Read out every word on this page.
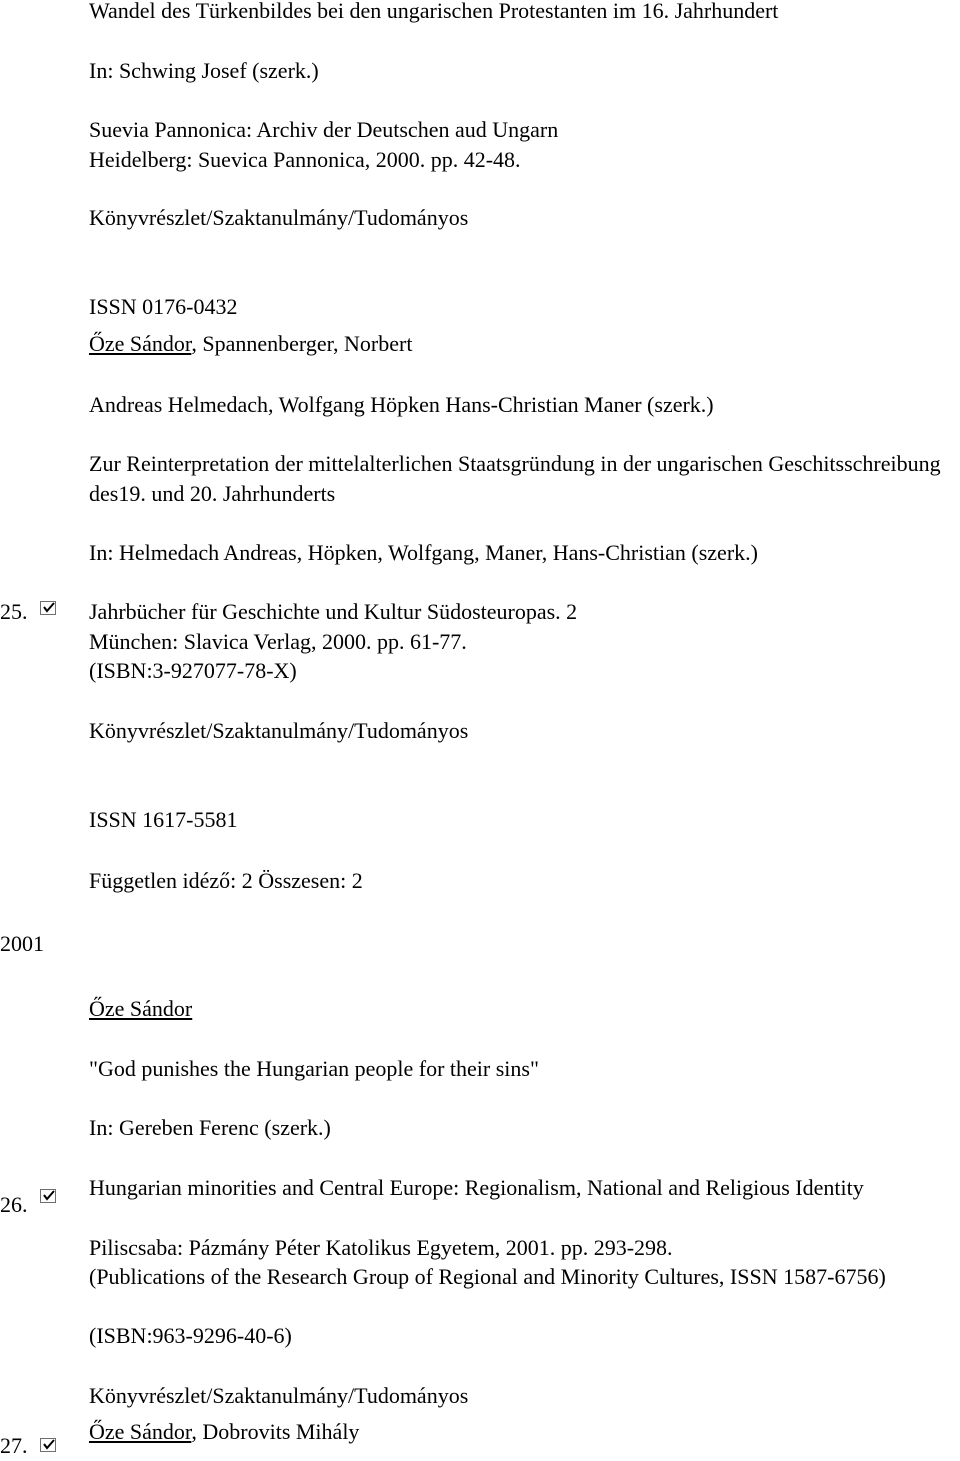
Wandel des Türkenbildes bei den ungarischen Protestanten im 16. Jahrhundert
In: Schwing Josef (szerk.)
Suevia Pannonica: Archiv der Deutschen aud Ungarn
Heidelberg: Suevica Pannonica, 2000. pp. 42-48.
Könyvrészlet/Szaktanulmány/Tudományos
ISSN 0176-0432
Őze Sándor, Spannenberger, Norbert
Andreas Helmedach, Wolfgang Höpken Hans-Christian Maner (szerk.)
Zur Reinterpretation der mittelalterlichen Staatsgründung in der ungarischen Geschitsschreibung des19. und 20. Jahrhunderts
In: Helmedach Andreas, Höpken, Wolfgang, Maner, Hans-Christian (szerk.)
25.	Jahrbücher für Geschichte und Kultur Südosteuropas. 2
München: Slavica Verlag, 2000. pp. 61-77.
(ISBN:3-927077-78-X)
Könyvrészlet/Szaktanulmány/Tudományos
ISSN 1617-5581
Független idéző: 2 Összesen: 2
2001
Őze Sándor
"God punishes the Hungarian people for their sins"
In: Gereben Ferenc (szerk.)
26.
Hungarian minorities and Central Europe: Regionalism, National and Religious Identity
Piliscsaba: Pázmány Péter Katolikus Egyetem, 2001. pp. 293-298.
(Publications of the Research Group of Regional and Minority Cultures, ISSN 1587-6756)
(ISBN:963-9296-40-6)
Könyvrészlet/Szaktanulmány/Tudományos
27.
Őze Sándor, Dobrovits Mihály
